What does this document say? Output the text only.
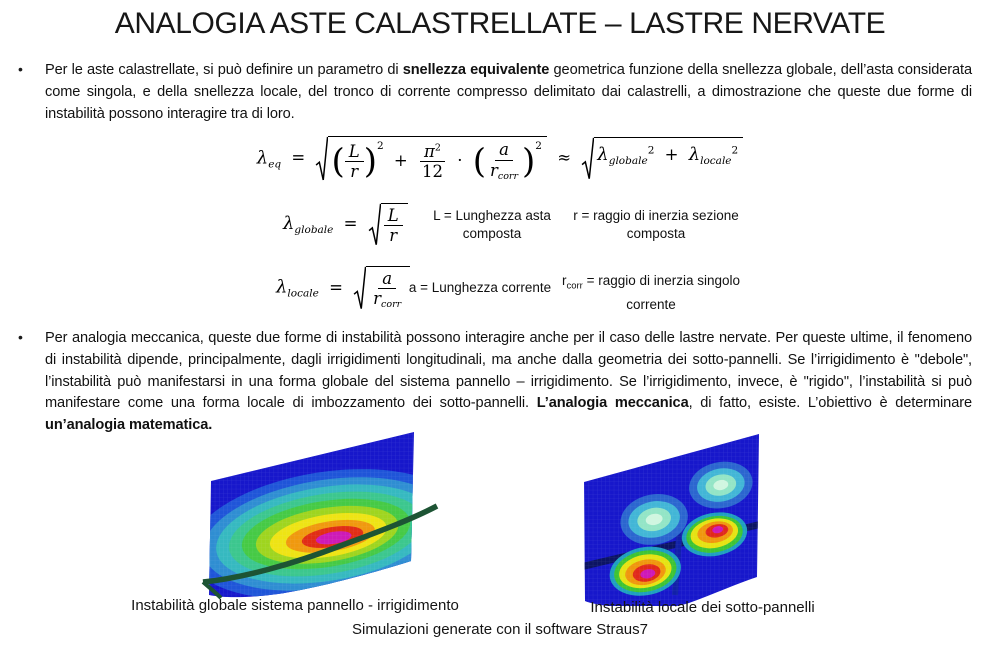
ANALOGIA ASTE CALASTRELLATE – LASTRE NERVATE
• Per le aste calastrellate, si può definire un parametro di snellezza equivalente geometrica funzione della snellezza globale, dell’asta considerata come singola, e della snellezza locale, del tronco di corrente compresso delimitato dai calastrelli, a dimostrazione che queste due forme di instabilità possono interagire tra di loro.
$\lambda_{eq}$ = ( $\frac{L}{r} )^2 + \frac{\pi^2}{12}$ · ( a
rcorr )$^2$
≈ $\lambda_{globale}^2 + \lambda_{locale}^2$
$\lambda_{globale} = \frac{L}{r}$	L = Lunghezza asta composta
r = raggio di inerzia sezione composta
$\lambda_{locale} = a$
rcorr
a = Lunghezza corrente $r_{corr}$ = raggio di inerzia singolo corrente
• Per analogia meccanica, queste due forme di instabilità possono interagire anche per il caso delle lastre nervate. Per queste ultime, il fenomeno di instabilità dipende, principalmente, dagli irrigidimenti longitudinali, ma anche dalla geometria dei sotto-pannelli. Se l’irrigidimento è "debole", l’instabilità può manifestarsi in una forma globale del sistema pannello – irrigidimento. Se l’irrigidimento, invece, è "rigido", l’instabilità si può manifestare come una forma locale di imbozzamento dei sotto-pannelli. L’analogia meccanica, di fatto, esiste. L’obiettivo è determinare un’analogia matematica.
Instabilità globale sistema pannello - irrigidimento	Instabilità locale dei sotto-pannelli
Simulazioni generate con il software Straus7
